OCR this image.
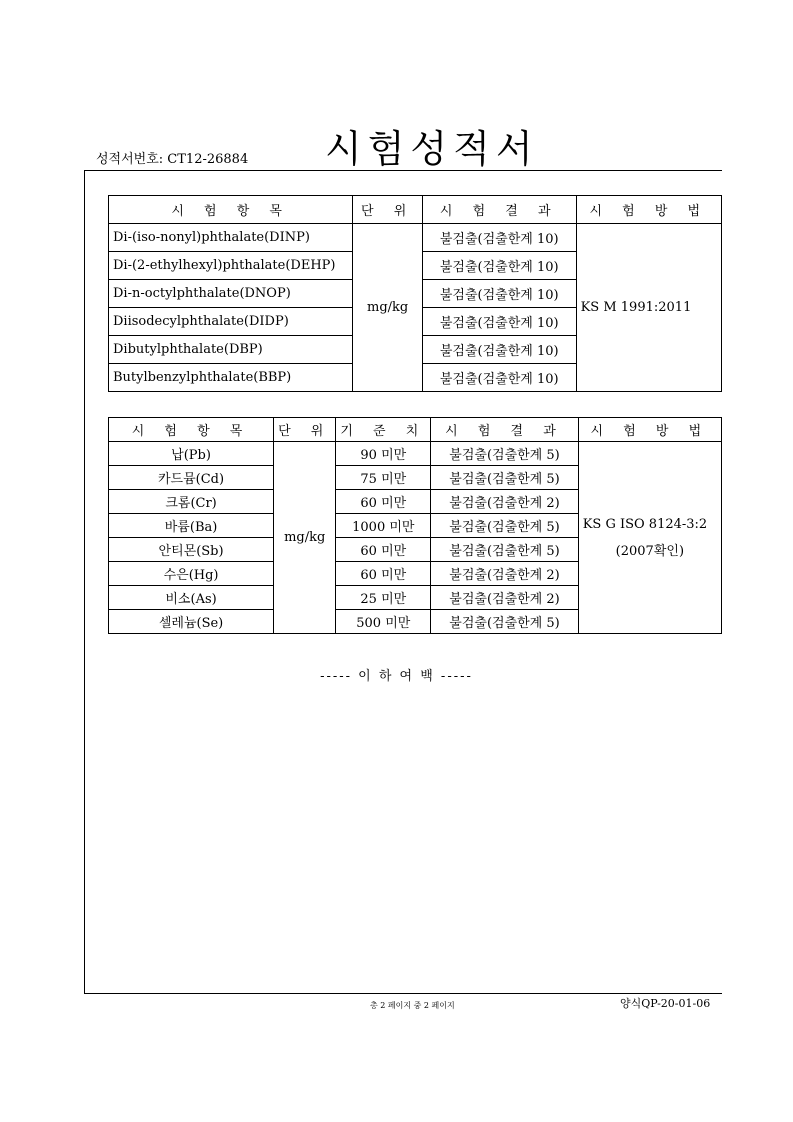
성적서번호: CT12-26884 시험성적서
시 험 항 목	단 위	시 험 결 과	시 험 방 법
Di-(iso-nonyl)phthalate(DINP)	mg/kg	불검출(검출한계 10)	KS M 1991:2011
Di-(2-ethylhexyl)phthalate(DEHP)		불검출(검출한계 10)	
Di-n-octylphthalate(DNOP)		불검출(검출한계 10)	
Diisodecylphthalate(DIDP)		불검출(검출한계 10)	
Dibutylphthalate(DBP)		불검출(검출한계 10)	
Butylbenzylphthalate(BBP)		불검출(검출한계 10)	
시 험 항 목	단 위	기 준 치	시 험 결 과	시 험 방 법
납(Pb)	mg/kg	90 미만	불검출(검출한계 5)	KS G ISO 8124-3:2
(2007확인)

카드뮴(Cd)		75 미만	불검출(검출한계 5)	
크롬(Cr)		60 미만	불검출(검출한계 2)	
바륨(Ba)		1000 미만	불검출(검출한계 5)	
안티몬(Sb)		60 미만	불검출(검출한계 5)	
수은(Hg)		60 미만	불검출(검출한계 2)	
비소(As)		25 미만	불검출(검출한계 2)	
셀레늄(Se)		500 미만	불검출(검출한계 5)	
----- 이 하 여 백 -----
총 2 페이지 중 2 페이지	양식QP-20-01-06
